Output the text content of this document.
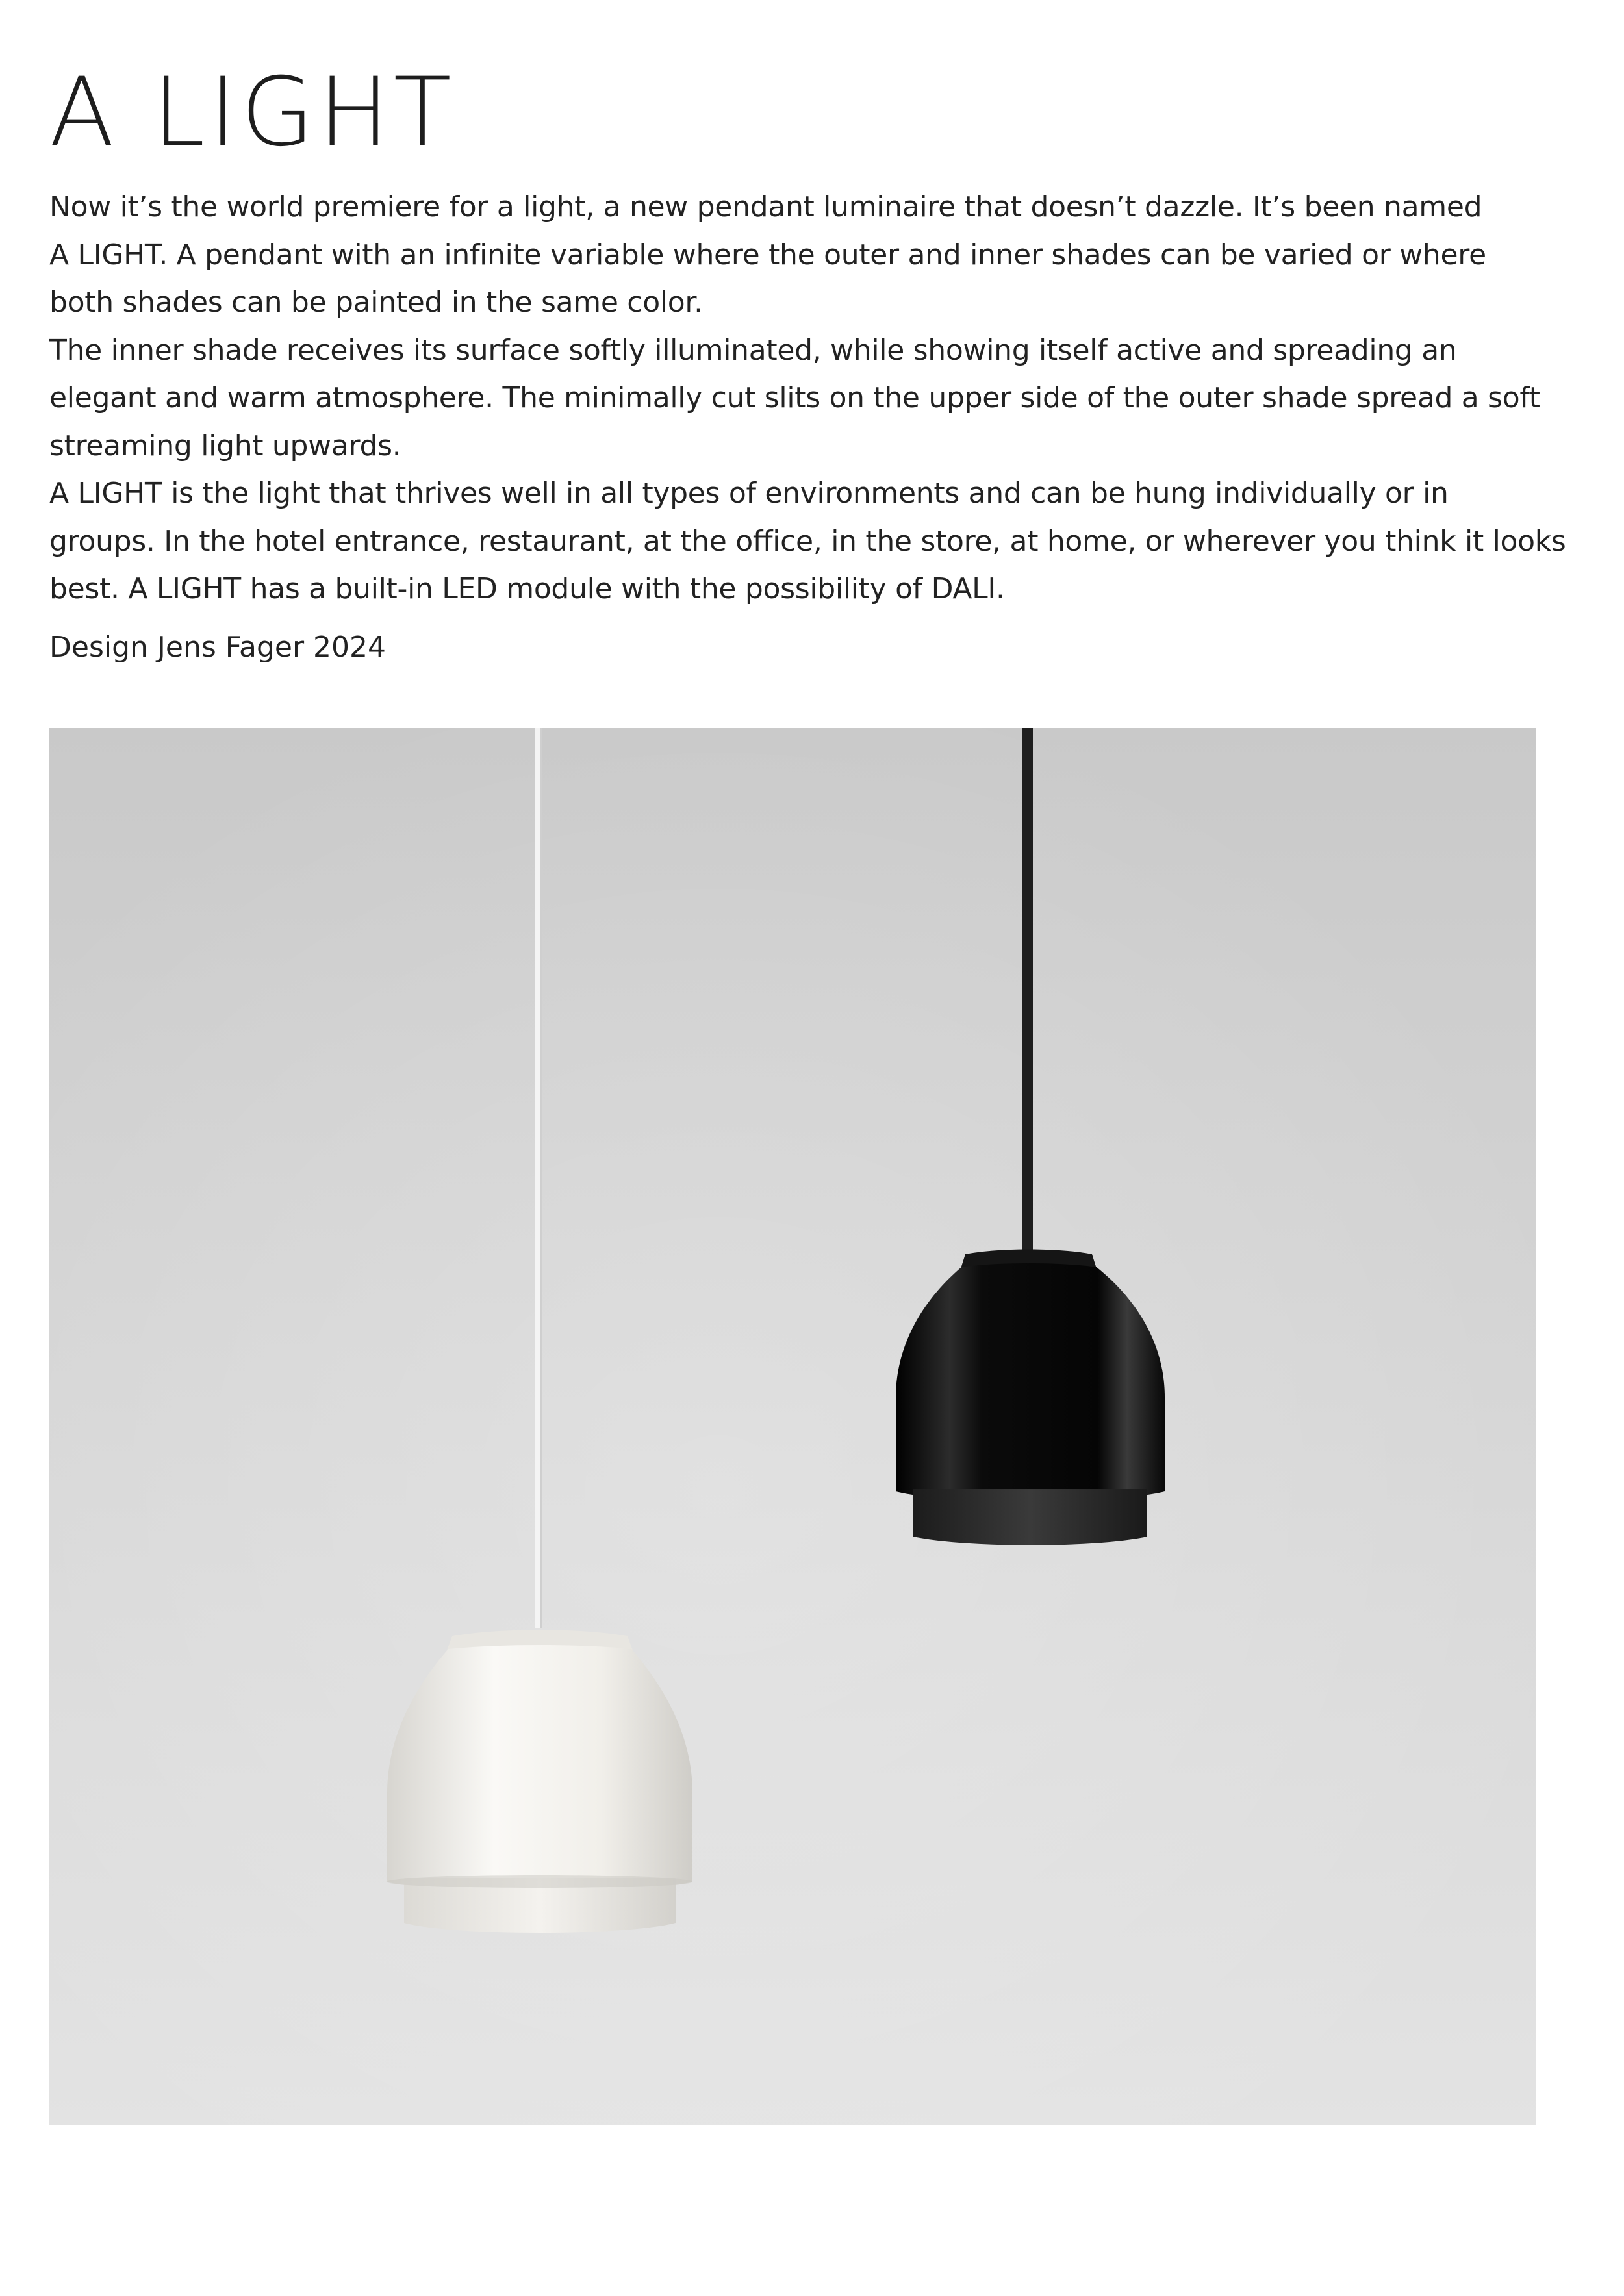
A LIGHT

Now it’s the world premiere for a light, a new pendant luminaire that doesn’t dazzle. It’s been named
A LIGHT. A pendant with an infinite variable where the outer and inner shades can be varied or where
both shades can be painted in the same color.

The inner shade receives its surface softly illuminated, while showing itself active and spreading an
elegant and warm atmosphere. The minimally cut slits on the upper side of the outer shade spread a soft
streaming light upwards.

A LIGHT is the light that thrives well in all types of environments and can be hung individually or in
groups. In the hotel entrance, restaurant, at the office, in the store, at home, or wherever you think it looks
best. A LIGHT has a built-in LED module with the possibility of DALI.

Design Jens Fager 2024
